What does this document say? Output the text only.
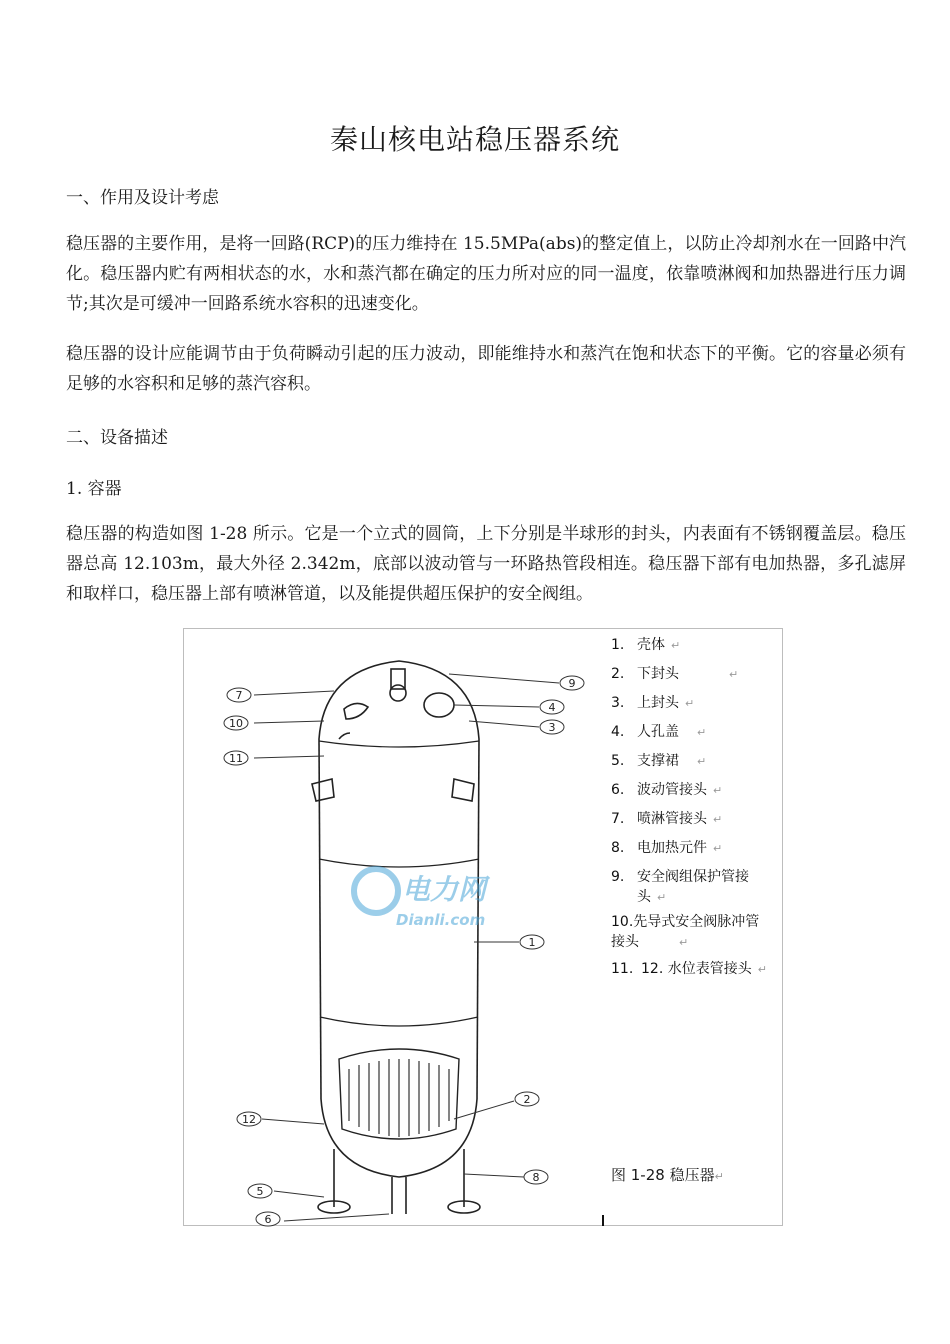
秦山核电站稳压器系统
一、作用及设计考虑

稳压器的主要作用，是将一回路(RCP)的压力维持在 15.5MPa(abs)的整定值上，以防止冷却剂水在一回路中汽化。稳压器内贮有两相状态的水，水和蒸汽都在确定的压力所对应的同一温度，依靠喷淋阀和加热器进行压力调节;其次是可缓冲一回路系统水容积的迅速变化。

稳压器的设计应能调节由于负荷瞬动引起的压力波动，即能维持水和蒸汽在饱和状态下的平衡。它的容量必须有足够的水容积和足够的蒸汽容积。

二、设备描述
1. 容器

稳压器的构造如图 1-28 所示。它是一个立式的圆筒，上下分别是半球形的封头，内表面有不锈钢覆盖层。稳压器总高 12.103m，最大外径 2.342m，底部以波动管与一环路热管段相连。稳压器下部有电加热器，多孔滤屏和取样口，稳压器上部有喷淋管道，以及能提供超压保护的安全阀组。

7
10
11
9
4
3
1
2
8
12
5
6
电力网
Dianli.com
1. 壳体 ↵
2. 下封头	↵
3. 上封头 ↵
4. 人孔盖 ↵
5. 支撑裙 ↵
6. 波动管接头 ↵
7. 喷淋管接头 ↵
8. 电加热元件 ↵
9. 安全阀组保护管接
头 ↵
10.先导式安全阀脉冲管
接头	↵
11. 12. 水位表管接头 ↵
图 1-28 稳压器↵
